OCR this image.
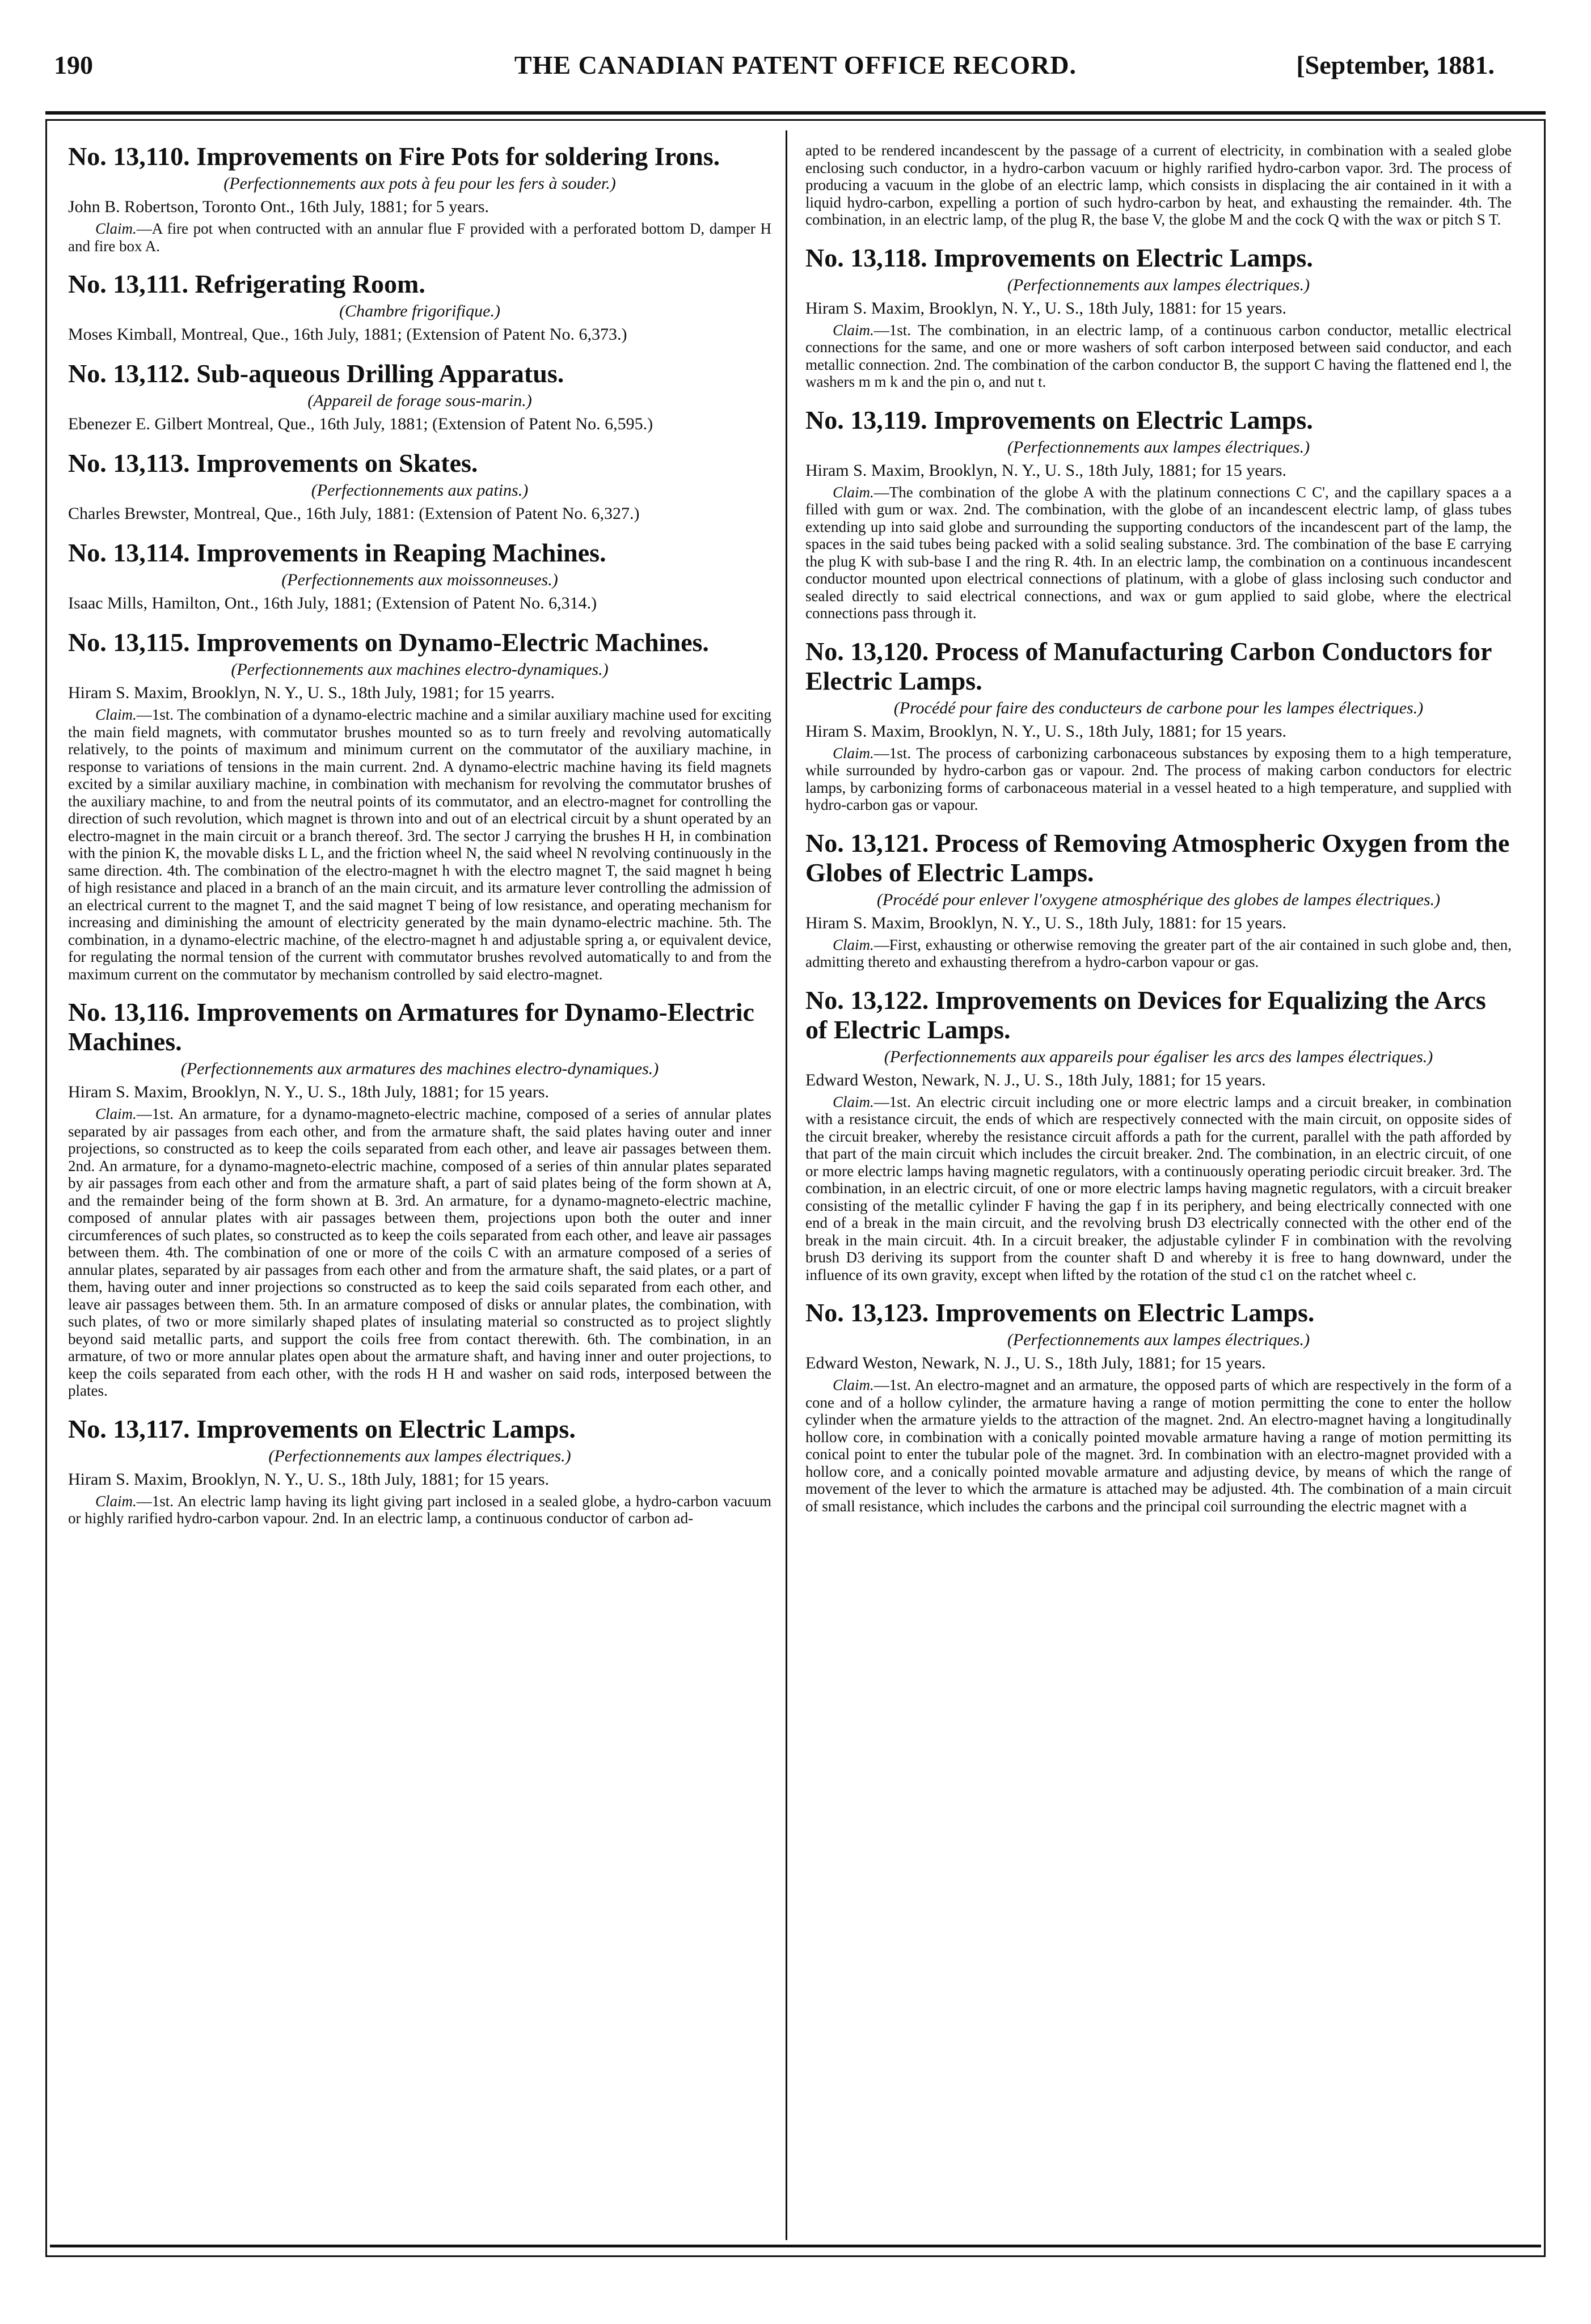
190	THE CANADIAN PATENT OFFICE RECORD.	[September, 1881.
No. 13,110. Improvements on Fire Pots for soldering Irons.
(Perfectionnements aux pots à feu pour les fers à souder.)

John B. Robertson, Toronto Ont., 16th July, 1881; for 5 years.

Claim.—A fire pot when contructed with an annular flue F provided with a perforated bottom D, damper H and fire box A.

No. 13,111. Refrigerating Room.
(Chambre frigorifique.)

Moses Kimball, Montreal, Que., 16th July, 1881; (Extension of Patent No. 6,373.)

No. 13,112. Sub-aqueous Drilling Apparatus.
(Appareil de forage sous-marin.)

Ebenezer E. Gilbert Montreal, Que., 16th July, 1881; (Extension of Patent No. 6,595.)

No. 13,113. Improvements on Skates.
(Perfectionnements aux patins.)

Charles Brewster, Montreal, Que., 16th July, 1881: (Extension of Patent No. 6,327.)

No. 13,114. Improvements in Reaping Machines.
(Perfectionnements aux moissonneuses.)

Isaac Mills, Hamilton, Ont., 16th July, 1881; (Extension of Patent No. 6,314.)

No. 13,115. Improvements on Dynamo-Electric Machines.
(Perfectionnements aux machines electro-dynamiques.)

Hiram S. Maxim, Brooklyn, N. Y., U. S., 18th July, 1981; for 15 yearrs.

Claim.—1st. The combination of a dynamo-electric machine and a similar auxiliary machine used for exciting the main field magnets, with commutator brushes mounted so as to turn freely and revolving automatically relatively, to the points of maximum and minimum current on the commutator of the auxiliary machine, in response to variations of tensions in the main current. 2nd. A dynamo-electric machine having its field magnets excited by a similar auxiliary machine, in combination with mechanism for revolving the commutator brushes of the auxiliary machine, to and from the neutral points of its commutator, and an electro-magnet for controlling the direction of such revolution, which magnet is thrown into and out of an electrical circuit by a shunt operated by an electro-magnet in the main circuit or a branch thereof. 3rd. The sector J carrying the brushes H H, in combination with the pinion K, the movable disks L L, and the friction wheel N, the said wheel N revolving continuously in the same direction. 4th. The combination of the electro-magnet h with the electro magnet T, the said magnet h being of high resistance and placed in a branch of an the main circuit, and its armature lever controlling the admission of an electrical current to the magnet T, and the said magnet T being of low resistance, and operating mechanism for increasing and diminishing the amount of electricity generated by the main dynamo-electric machine. 5th. The combination, in a dynamo-electric machine, of the electro-magnet h and adjustable spring a, or equivalent device, for regulating the normal tension of the current with commutator brushes revolved automatically to and from the maximum current on the commutator by mechanism controlled by said electro-magnet.

No. 13,116. Improvements on Armatures for Dynamo-Electric Machines.
(Perfectionnements aux armatures des machines electro-dynamiques.)

Hiram S. Maxim, Brooklyn, N. Y., U. S., 18th July, 1881; for 15 years.

Claim.—1st. An armature, for a dynamo-magneto-electric machine, composed of a series of annular plates separated by air passages from each other, and from the armature shaft, the said plates having outer and inner projections, so constructed as to keep the coils separated from each other, and leave air passages between them. 2nd. An armature, for a dynamo-magneto-electric machine, composed of a series of thin annular plates separated by air passages from each other and from the armature shaft, a part of said plates being of the form shown at A, and the remainder being of the form shown at B. 3rd. An armature, for a dynamo-magneto-electric machine, composed of annular plates with air passages between them, projections upon both the outer and inner circumferences of such plates, so constructed as to keep the coils separated from each other, and leave air passages between them. 4th. The combination of one or more of the coils C with an armature composed of a series of annular plates, separated by air passages from each other and from the armature shaft, the said plates, or a part of them, having outer and inner projections so constructed as to keep the said coils separated from each other, and leave air passages between them. 5th. In an armature composed of disks or annular plates, the combination, with such plates, of two or more similarly shaped plates of insulating material so constructed as to project slightly beyond said metallic parts, and support the coils free from contact therewith. 6th. The combination, in an armature, of two or more annular plates open about the armature shaft, and having inner and outer projections, to keep the coils separated from each other, with the rods H H and washer on said rods, interposed between the plates.

No. 13,117. Improvements on Electric Lamps.
(Perfectionnements aux lampes électriques.)

Hiram S. Maxim, Brooklyn, N. Y., U. S., 18th July, 1881; for 15 years.

Claim.—1st. An electric lamp having its light giving part inclosed in a sealed globe, a hydro-carbon vacuum or highly rarified hydro-carbon vapour. 2nd. In an electric lamp, a continuous conductor of carbon ad-

apted to be rendered incandescent by the passage of a current of electricity, in combination with a sealed globe enclosing such conductor, in a hydro-carbon vacuum or highly rarified hydro-carbon vapor. 3rd. The process of producing a vacuum in the globe of an electric lamp, which consists in displacing the air contained in it with a liquid hydro-carbon, expelling a portion of such hydro-carbon by heat, and exhausting the remainder. 4th. The combination, in an electric lamp, of the plug R, the base V, the globe M and the cock Q with the wax or pitch S T.

No. 13,118. Improvements on Electric Lamps.
(Perfectionnements aux lampes électriques.)

Hiram S. Maxim, Brooklyn, N. Y., U. S., 18th July, 1881: for 15 years.

Claim.—1st. The combination, in an electric lamp, of a continuous carbon conductor, metallic electrical connections for the same, and one or more washers of soft carbon interposed between said conductor, and each metallic connection. 2nd. The combination of the carbon conductor B, the support C having the flattened end l, the washers m m k and the pin o, and nut t.

No. 13,119. Improvements on Electric Lamps.
(Perfectionnements aux lampes électriques.)

Hiram S. Maxim, Brooklyn, N. Y., U. S., 18th July, 1881; for 15 years.

Claim.—The combination of the globe A with the platinum connections C C', and the capillary spaces a a filled with gum or wax. 2nd. The combination, with the globe of an incandescent electric lamp, of glass tubes extending up into said globe and surrounding the supporting conductors of the incandescent part of the lamp, the spaces in the said tubes being packed with a solid sealing substance. 3rd. The combination of the base E carrying the plug K with sub-base I and the ring R. 4th. In an electric lamp, the combination on a continuous incandescent conductor mounted upon electrical connections of platinum, with a globe of glass inclosing such conductor and sealed directly to said electrical connections, and wax or gum applied to said globe, where the electrical connections pass through it.

No. 13,120. Process of Manufacturing Carbon Conductors for Electric Lamps.
(Procédé pour faire des conducteurs de carbone pour les lampes électriques.)

Hiram S. Maxim, Brooklyn, N. Y., U. S., 18th July, 1881; for 15 years.

Claim.—1st. The process of carbonizing carbonaceous substances by exposing them to a high temperature, while surrounded by hydro-carbon gas or vapour. 2nd. The process of making carbon conductors for electric lamps, by carbonizing forms of carbonaceous material in a vessel heated to a high temperature, and supplied with hydro-carbon gas or vapour.

No. 13,121. Process of Removing Atmospheric Oxygen from the Globes of Electric Lamps.
(Procédé pour enlever l'oxygene atmosphérique des globes de lampes électriques.)

Hiram S. Maxim, Brooklyn, N. Y., U. S., 18th July, 1881: for 15 years.

Claim.—First, exhausting or otherwise removing the greater part of the air contained in such globe and, then, admitting thereto and exhausting therefrom a hydro-carbon vapour or gas.

No. 13,122. Improvements on Devices for Equalizing the Arcs of Electric Lamps.
(Perfectionnements aux appareils pour égaliser les arcs des lampes électriques.)

Edward Weston, Newark, N. J., U. S., 18th July, 1881; for 15 years.

Claim.—1st. An electric circuit including one or more electric lamps and a circuit breaker, in combination with a resistance circuit, the ends of which are respectively connected with the main circuit, on opposite sides of the circuit breaker, whereby the resistance circuit affords a path for the current, parallel with the path afforded by that part of the main circuit which includes the circuit breaker. 2nd. The combination, in an electric circuit, of one or more electric lamps having magnetic regulators, with a continuously operating periodic circuit breaker. 3rd. The combination, in an electric circuit, of one or more electric lamps having magnetic regulators, with a circuit breaker consisting of the metallic cylinder F having the gap f in its periphery, and being electrically connected with one end of a break in the main circuit, and the revolving brush D3 electrically connected with the other end of the break in the main circuit. 4th. In a circuit breaker, the adjustable cylinder F in combination with the revolving brush D3 deriving its support from the counter shaft D and whereby it is free to hang downward, under the influence of its own gravity, except when lifted by the rotation of the stud c1 on the ratchet wheel c.

No. 13,123. Improvements on Electric Lamps.
(Perfectionnements aux lampes électriques.)

Edward Weston, Newark, N. J., U. S., 18th July, 1881; for 15 years.

Claim.—1st. An electro-magnet and an armature, the opposed parts of which are respectively in the form of a cone and of a hollow cylinder, the armature having a range of motion permitting the cone to enter the hollow cylinder when the armature yields to the attraction of the magnet. 2nd. An electro-magnet having a longitudinally hollow core, in combination with a conically pointed movable armature having a range of motion permitting its conical point to enter the tubular pole of the magnet. 3rd. In combination with an electro-magnet provided with a hollow core, and a conically pointed movable armature and adjusting device, by means of which the range of movement of the lever to which the armature is attached may be adjusted. 4th. The combination of a main circuit of small resistance, which includes the carbons and the principal coil surrounding the electric magnet with a
